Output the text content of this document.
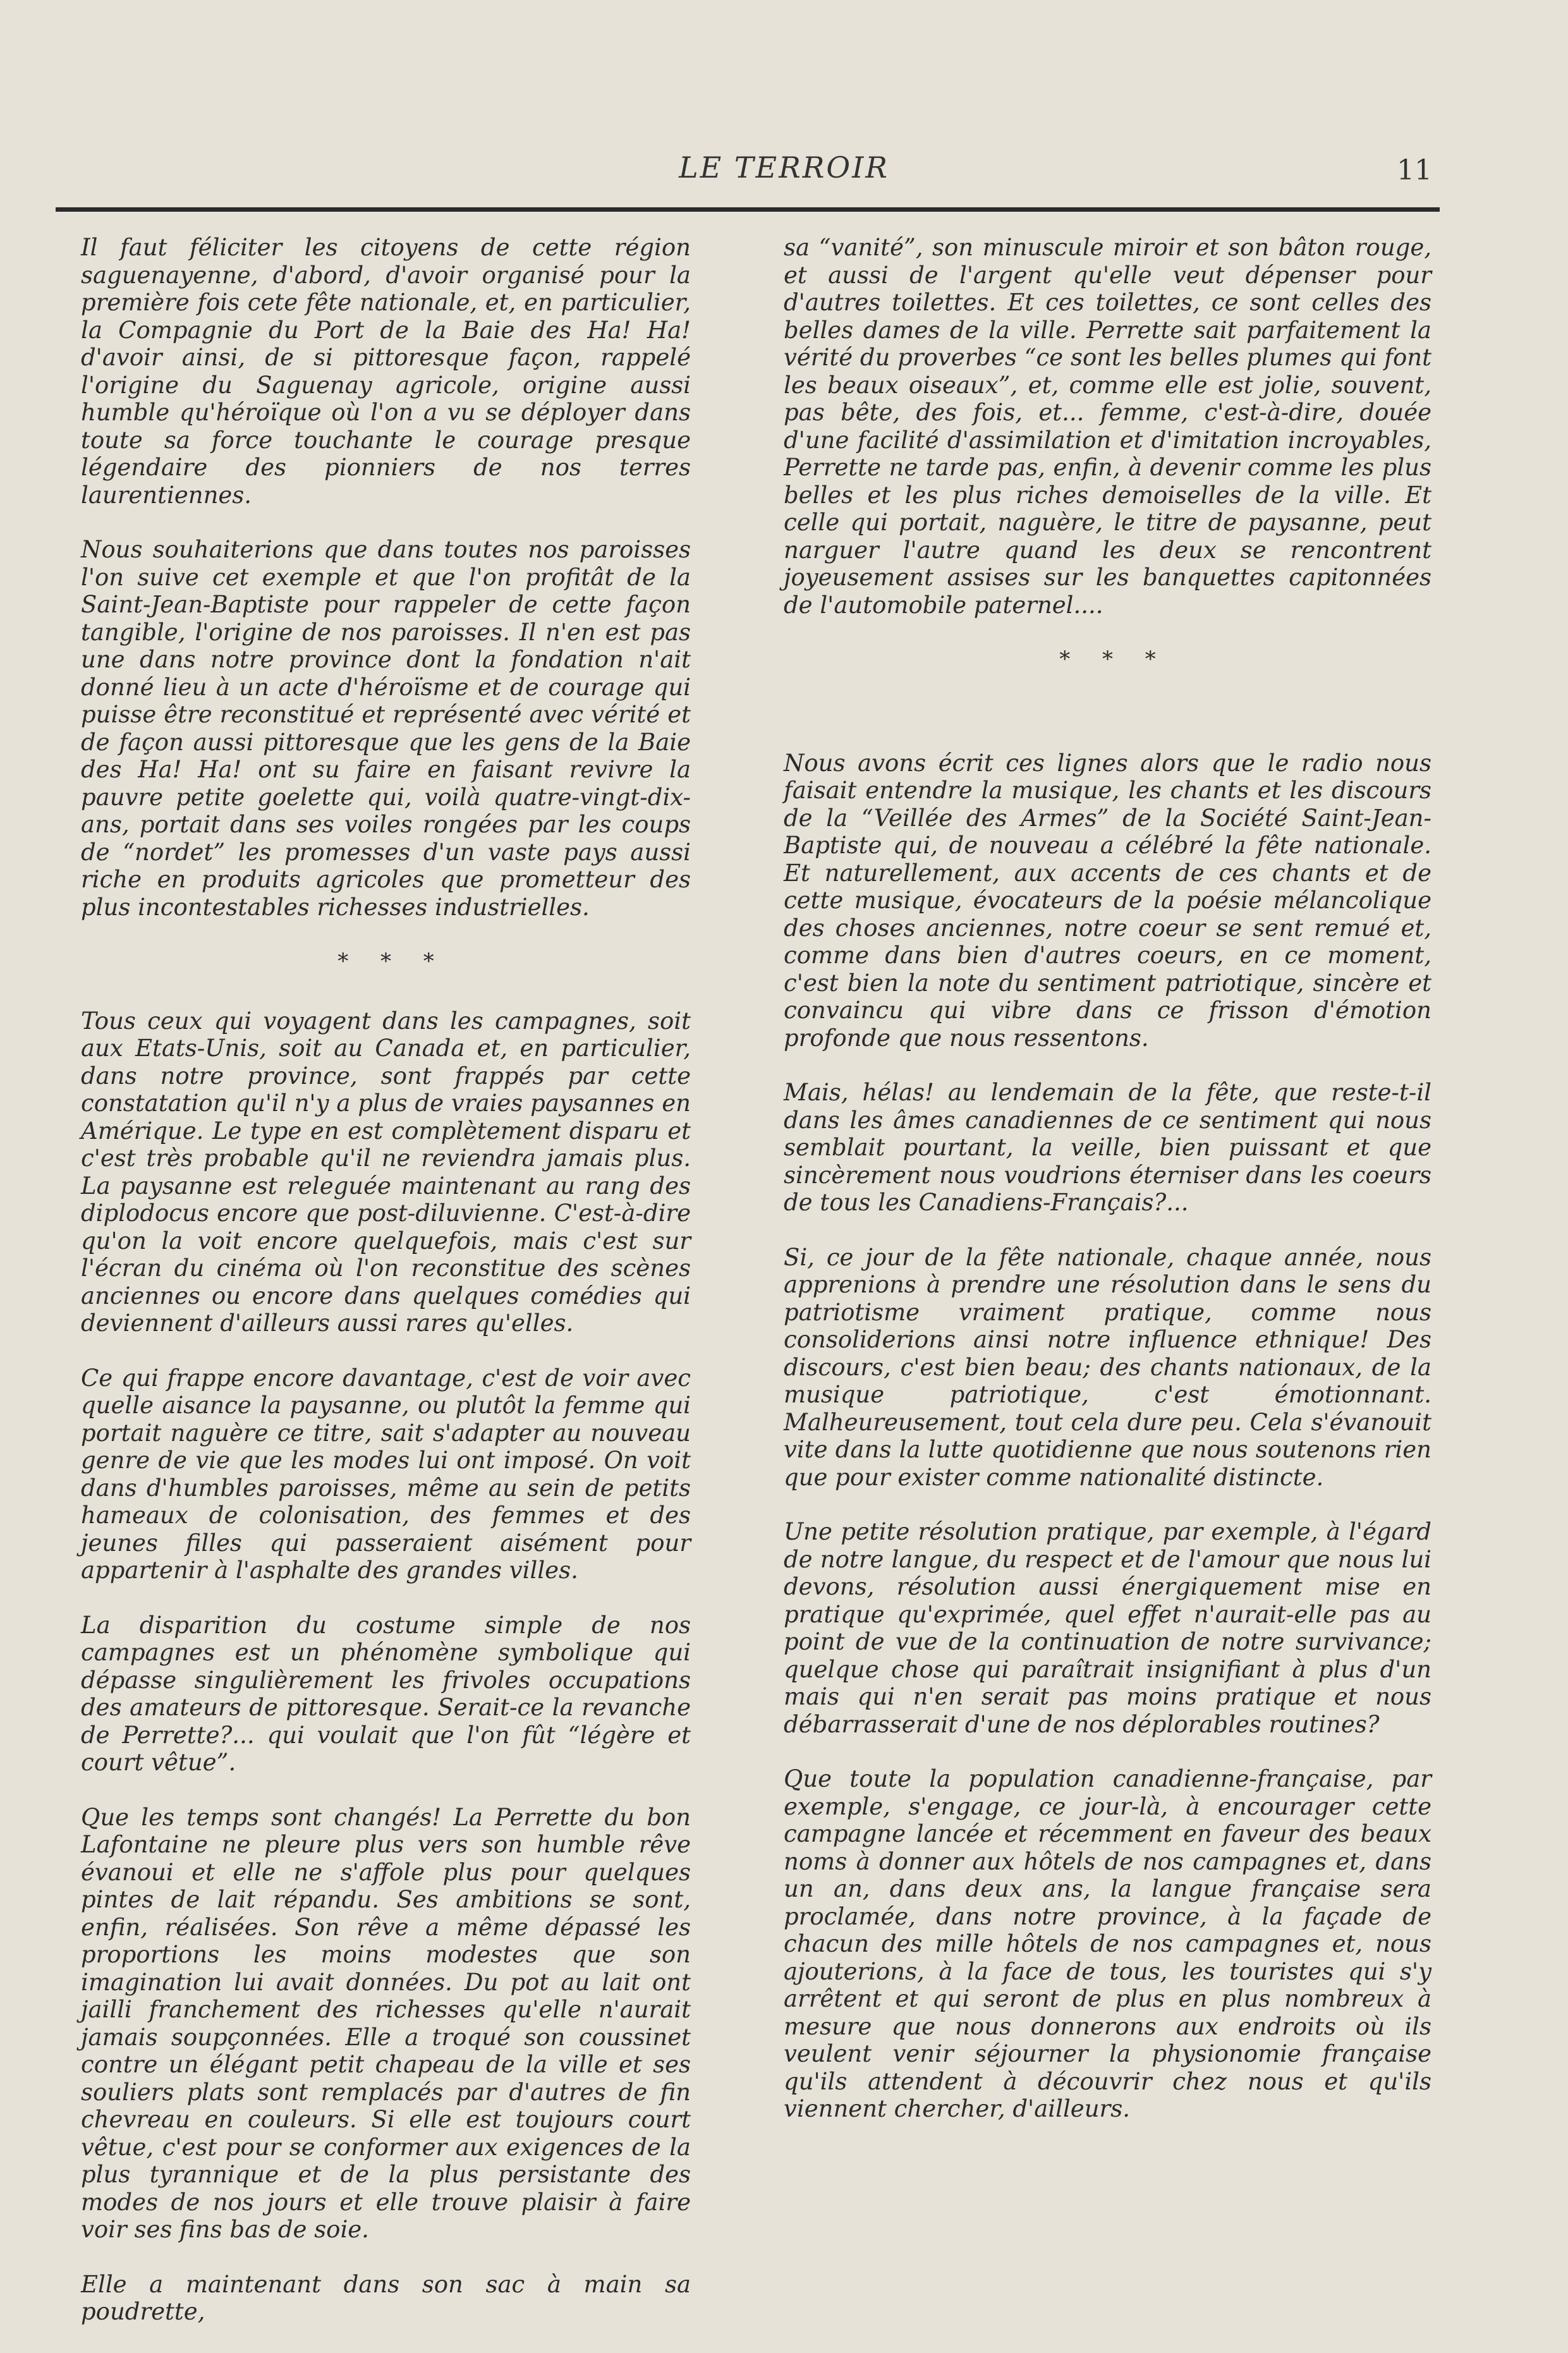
LE TERROIR	11

Il faut féliciter les citoyens de cette région saguenayenne, d'abord, d'avoir organisé pour la première fois cete fête nationale, et, en particulier, la Compagnie du Port de la Baie des Ha! Ha! d'avoir ainsi, de si pittoresque façon, rappelé l'origine du Saguenay agricole, origine aussi humble qu'héroïque où l'on a vu se déployer dans toute sa force touchante le courage presque légendaire des pionniers de nos terres laurentiennes.

Nous souhaiterions que dans toutes nos paroisses l'on suive cet exemple et que l'on profitât de la Saint-Jean-Baptiste pour rappeler de cette façon tangible, l'origine de nos paroisses. Il n'en est pas une dans notre province dont la fondation n'ait donné lieu à un acte d'héroïsme et de courage qui puisse être reconstitué et représenté avec vérité et de façon aussi pittoresque que les gens de la Baie des Ha! Ha! ont su faire en faisant revivre la pauvre petite goelette qui, voilà quatre-vingt-dix-ans, portait dans ses voiles rongées par les coups de “nordet” les promesses d'un vaste pays aussi riche en produits agricoles que prometteur des plus incontestables richesses industrielles.

* * *

Tous ceux qui voyagent dans les campagnes, soit aux Etats-Unis, soit au Canada et, en particulier, dans notre province, sont frappés par cette constatation qu'il n'y a plus de vraies paysannes en Amérique. Le type en est complètement disparu et c'est très probable qu'il ne reviendra jamais plus. La paysanne est releguée maintenant au rang des diplodocus encore que post-diluvienne. C'est-à-dire qu'on la voit encore quelquefois, mais c'est sur l'écran du cinéma où l'on reconstitue des scènes anciennes ou encore dans quelques comédies qui deviennent d'ailleurs aussi rares qu'elles.

Ce qui frappe encore davantage, c'est de voir avec quelle aisance la paysanne, ou plutôt la femme qui portait naguère ce titre, sait s'adapter au nouveau genre de vie que les modes lui ont imposé. On voit dans d'humbles paroisses, même au sein de petits hameaux de colonisation, des femmes et des jeunes filles qui passeraient aisément pour appartenir à l'asphalte des grandes villes.

La disparition du costume simple de nos campagnes est un phénomène symbolique qui dépasse singulièrement les frivoles occupations des amateurs de pittoresque. Serait-ce la revanche de Perrette?... qui voulait que l'on fût “légère et court vêtue”.

Que les temps sont changés! La Perrette du bon Lafontaine ne pleure plus vers son humble rêve évanoui et elle ne s'affole plus pour quelques pintes de lait répandu. Ses ambitions se sont, enfin, réalisées. Son rêve a même dépassé les proportions les moins modestes que son imagination lui avait données. Du pot au lait ont jailli franchement des richesses qu'elle n'aurait jamais soupçonnées. Elle a troqué son coussinet contre un élégant petit chapeau de la ville et ses souliers plats sont remplacés par d'autres de fin chevreau en couleurs. Si elle est toujours court vêtue, c'est pour se conformer aux exigences de la plus tyrannique et de la plus persistante des modes de nos jours et elle trouve plaisir à faire voir ses fins bas de soie.

Elle a maintenant dans son sac à main sa poudrette,

sa “vanité”, son minuscule miroir et son bâton rouge, et aussi de l'argent qu'elle veut dépenser pour d'autres toilettes. Et ces toilettes, ce sont celles des belles dames de la ville. Perrette sait parfaitement la vérité du proverbes “ce sont les belles plumes qui font les beaux oiseaux”, et, comme elle est jolie, souvent, pas bête, des fois, et... femme, c'est-à-dire, douée d'une facilité d'assimilation et d'imitation incroyables, Perrette ne tarde pas, enfin, à devenir comme les plus belles et les plus riches demoiselles de la ville. Et celle qui portait, naguère, le titre de paysanne, peut narguer l'autre quand les deux se rencontrent joyeusement assises sur les banquettes capitonnées de l'automobile paternel....

* * *

Nous avons écrit ces lignes alors que le radio nous faisait entendre la musique, les chants et les discours de la “Veillée des Armes” de la Société Saint-Jean-Baptiste qui, de nouveau a célébré la fête nationale. Et naturellement, aux accents de ces chants et de cette musique, évocateurs de la poésie mélancolique des choses anciennes, notre coeur se sent remué et, comme dans bien d'autres coeurs, en ce moment, c'est bien la note du sentiment patriotique, sincère et convaincu qui vibre dans ce frisson d'émotion profonde que nous ressentons.

Mais, hélas! au lendemain de la fête, que reste-t-il dans les âmes canadiennes de ce sentiment qui nous semblait pourtant, la veille, bien puissant et que sincèrement nous voudrions éterniser dans les coeurs de tous les Canadiens-Français?...

Si, ce jour de la fête nationale, chaque année, nous apprenions à prendre une résolution dans le sens du patriotisme vraiment pratique, comme nous consoliderions ainsi notre influence ethnique! Des discours, c'est bien beau; des chants nationaux, de la musique patriotique, c'est émotionnant. Malheureusement, tout cela dure peu. Cela s'évanouit vite dans la lutte quotidienne que nous soutenons rien que pour exister comme nationalité distincte.

Une petite résolution pratique, par exemple, à l'égard de notre langue, du respect et de l'amour que nous lui devons, résolution aussi énergiquement mise en pratique qu'exprimée, quel effet n'aurait-elle pas au point de vue de la continuation de notre survivance; quelque chose qui paraîtrait insignifiant à plus d'un mais qui n'en serait pas moins pratique et nous débarrasserait d'une de nos déplorables routines?

Que toute la population canadienne-française, par exemple, s'engage, ce jour-là, à encourager cette campagne lancée et récemment en faveur des beaux noms à donner aux hôtels de nos campagnes et, dans un an, dans deux ans, la langue française sera proclamée, dans notre province, à la façade de chacun des mille hôtels de nos campagnes et, nous ajouterions, à la face de tous, les touristes qui s'y arrêtent et qui seront de plus en plus nombreux à mesure que nous donnerons aux endroits où ils veulent venir séjourner la physionomie française qu'ils attendent à découvrir chez nous et qu'ils viennent chercher, d'ailleurs.
